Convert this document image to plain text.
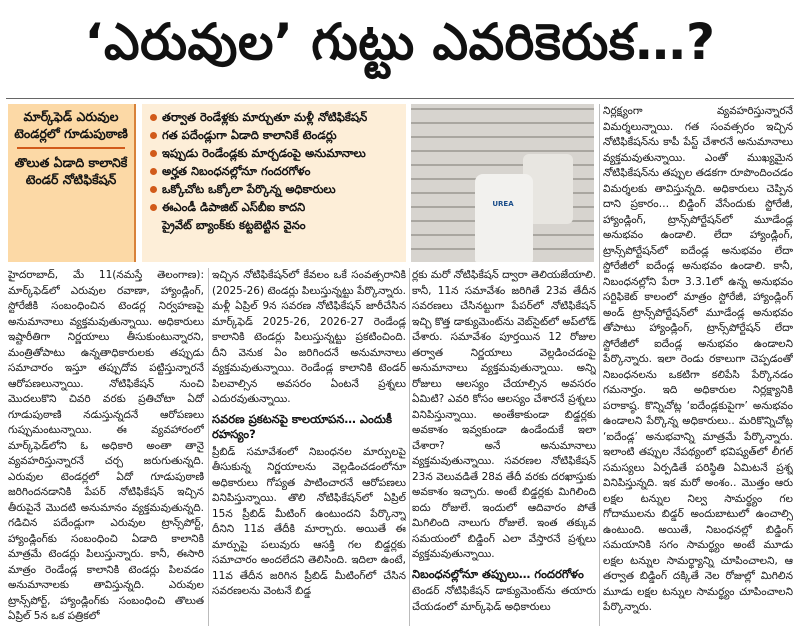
‘ఎరువుల’ గుట్టు ఎవరికెరుక…?
మార్క్‌ఫెడ్ ఎరువుల టెండర్లలో గూడుపుఠాణి
తొలుత ఏడాది కాలానికే టెండర్ నోటిఫికేషన్
తర్వాత రెండేళ్లకు మార్చుతూ మళ్లీ నోటిఫికేషన్
గత పదేండ్లుగా ఏడాది కాలానికే టెండర్లు
ఇప్పుడు రెండేండ్లకు మార్చడంపై అనుమానాలు
అర్హత నిబంధనల్లోనూ గందరగోళం
ఒక్కోచోట ఒక్కోలా పేర్కొన్న అధికారులు
ఈఎండీ డిపాజిట్ ఎస్‌బీఐ కాదని
ప్రైవేట్ బ్యాంక్‌కు కట్టబెట్టిన వైనం
UREA

హైదరాబాద్, మే 11(నమస్తే తెలంగాణ): మార్క్‌ఫెడ్‌లో ఎరువుల రవాణా, హ్యాండ్లింగ్, స్టోరేజీకి సంబంధించిన టెండర్ల నిర్వహణపై అనుమానాలు వ్యక్తమవుతున్నాయి. అధికారులు ఇష్టారీతిగా నిర్ణయాలు తీసుకుంటున్నారని, మంత్రితోపాటు ఉన్నతాధికారులకు తప్పుడు సమాచారం ఇస్తూ తప్పుదోవ పట్టిస్తున్నారనే ఆరోపణలున్నాయి. నోటిఫికేషన్ నుంచి మొదలుకొని చివరి వరకు ప్రతిచోటా ఏదో గూడుపుఠాణి నడుస్తున్నదనే ఆరోపణలు గుప్పుమంటున్నాయి. ఈ వ్యవహారంలో మార్క్‌ఫెడ్‌లోని ఓ అధికారి అంతా తానై వ్యవహరిస్తున్నారనే చర్చ జరుగుతున్నది. ఎరువుల టెండర్లలో ఏదో గూడుపుఠాణి జరిగిందనడానికి పేపర్ నోటిఫికేషన్ ఇచ్చిన తీరుపైనే మొదటి అనుమానం వ్యక్తమవుతున్నది. గడిచిన పదేండ్లుగా ఎరువుల ట్రాన్స్‌పోర్ట్, హ్యాండ్లింగ్‌కు సంబంధించి ఏడాది కాలానికి మాత్రమే టెండర్లు పిలుస్తున్నారు. కానీ, ఈసారి మాత్రం రెండేండ్ల కాలానికి టెండర్లు పిలవడం అనుమానాలకు తావిస్తున్నది. ఎరువుల ట్రాన్స్‌పోర్ట్, హ్యాండ్లింగ్‌కు సంబంధించి తొలుత ఏప్రిల్ 5న ఒక పత్రికలో

ఇచ్చిన నోటిఫికేషన్‌లో కేవలం ఒకే సంవత్సరానికి (2025-26) టెండర్లు పిలుస్తున్నట్టు పేర్కొన్నారు. మళ్లీ ఏప్రిల్ 9న సవరణ నోటిఫికేషన్ జారీచేసిన మార్క్‌ఫెడ్ 2025-26, 2026-27 రెండేండ్ల కాలానికి టెండర్లు పిలుస్తున్నట్టు ప్రకటించింది. దీని వెనుక ఏం జరిగిందనే అనుమానాలు వ్యక్తమవుతున్నాయి. రెండేండ్ల కాలానికి టెండర్ పిలవాల్సిన అవసరం ఏంటనే ప్రశ్నలు ఎదురవుతున్నాయి.

సవరణ ప్రకటనపై కాలయాపన… ఎందుకీ రహస్యం?

ప్రీబిడ్ సమావేశంలో నిబంధనల మార్పులపై తీసుకున్న నిర్ణయాలను వెల్లడించడంలోనూ అధికారులు గోప్యత పాటించారనే ఆరోపణలు వినిపిస్తున్నాయి. తొలి నోటిఫికేషన్‌లో ఏప్రిల్ 15న ప్రీబిడ్ మీటింగ్ ఉంటుందని పేర్కొన్నా దీనిని 11వ తేదీకి మార్చారు. అయితే ఈ మార్పుపై పలువురు ఆసక్తి గల బిడ్డర్లకు సమాచారం అందలేదని తెలిసింది. ఇదిలా ఉంటే, 11వ తేదీన జరిగిన ప్రీబిడ్ మీటింగ్‌లో చేసిన సవరణలను వెంటనే బిడ్డ

ర్లకు మరో నోటిఫికేషన్ ద్వారా తెలియజేయాలి. కానీ, 11న సమావేశం జరిగితే 23వ తేదీన సవరణలు చేసినట్టుగా పేపర్‌లో నోటిఫికేషన్ ఇచ్చి కొత్త డాక్యుమెంట్‌ను వెబ్‌సైట్‌లో అప్‌లోడ్ చేశారు. సమావేశం పూర్తయిన 12 రోజుల తర్వాత నిర్ణయాలు వెల్లడించడంపై అనుమానాలు వ్యక్తమవుతున్నాయి. అన్ని రోజులు ఆలస్యం చేయాల్సిన అవసరం ఏమిటి? ఎవరి కోసం ఆలస్యం చేశారనే ప్రశ్నలు వినిపిస్తున్నాయి. అంతేకాకుండా బిడ్డర్లకు అవకాశం ఇవ్వకుండా ఉండేందుకే ఇలా చేశారా? అనే అనుమానాలు వ్యక్తమవుతున్నాయి. సవరణల నోటిఫికేషన్ 23న వెలువడితే 28వ తేదీ వరకు దరఖాస్తుకు అవకాశం ఇచ్చారు. అంటే బిడ్డర్లకు మిగిలింది ఐదు రోజులే. ఇందులో ఆదివారం పోతే మిగిలింది నాలుగు రోజులే. ఇంత తక్కువ సమయంలో బిడ్డింగ్ ఎలా వేస్తారనే ప్రశ్నలు వ్యక్తమవుతున్నాయి.

నిబంధనల్లోనూ తప్పులు… గందరగోళం

టెండర్ నోటిఫికేషన్ డాక్యుమెంట్‌ను తయారు చేయడంలో మార్క్‌ఫెడ్ అధికారులు

నిర్లక్ష్యంగా వ్యవహరిస్తున్నారనే విమర్శలున్నాయి. గత సంవత్సరం ఇచ్చిన నోటిఫికేషన్‌ను కాపీ పేస్ట్ చేశారనే అనుమానాలు వ్యక్తమవుతున్నాయి. ఎంతో ముఖ్యమైన నోటిఫికేషన్‌ను తప్పుల తడకగా రూపొందించడం విమర్శలకు తావిస్తున్నది. అధికారులు చెప్పిన దాని ప్రకారం… బిడ్డింగ్ వేసేందుకు స్టోరేజీ, హ్యాండ్లింగ్, ట్రాన్స్‌పోర్టేషన్‌లో మూడేండ్ల అనుభవం ఉండాలి. లేదా హ్యాండ్లింగ్, ట్రాన్స్‌పోర్టేషన్‌లో ఐదేండ్ల అనుభవం లేదా స్టోరేజీలో ఐదేండ్ల అనుభవం ఉండాలి. కానీ, నిబంధనల్లోని పేరా 3.3.1లో ఉన్న అనుభవం సర్టిఫికెట్ కాలంలో మాత్రం స్టోరేజీ, హ్యాండ్లింగ్ అండ్ ట్రాన్స్‌పోర్టేషన్‌లో మూడేండ్ల అనుభవం తోపాటు హ్యాండ్లింగ్, ట్రాన్స్‌పోర్టేషన్ లేదా స్టోరేజీలో ఐదేండ్ల అనుభవం ఉండాలని పేర్కొన్నారు. ఇలా రెండు రకాలుగా చెప్పడంతో నిబంధనలను ఒకటిగా కలిపేసి పేర్కొనడం గమనార్హం. ఇది అధికారుల నిర్లక్ష్యానికి పరాకాష్ఠ. కొన్నిచోట్ల ‘ఐదేండ్లకుపైగా’ అనుభవం ఉండాలని పేర్కొన్న అధికారులు.. మరికొన్నిచోట్ల ‘ఐదేండ్ల’ అనుభవాన్ని మాత్రమే పేర్కొన్నారు. ఇలాంటి తప్పుల నేపథ్యంలో భవిష్యత్‌లో లీగల్ సమస్యలు ఏర్పడితే పరిస్థితి ఏమిటనే ప్రశ్న వినిపిస్తున్నది. ఇక మరో అంశం.. మొత్తం ఆరు లక్షల టన్నుల నిల్వ సామర్థ్యం గల గోదాములను బిడ్డర్ అందుబాటులో ఉంచాల్సి ఉంటుంది. అయితే, నిబంధనల్లో బిడ్డింగ్ సమయానికి సగం సామర్థ్యం అంటే మూడు లక్షల టన్నుల సామర్థ్యాన్ని చూపించాలని, ఆ తర్వాత బిడ్డింగ్ దక్కితే నెల రోజుల్లో మిగిలిన మూడు లక్షల టన్నుల సామర్థ్యం చూపించాలని పేర్కొన్నారు.
